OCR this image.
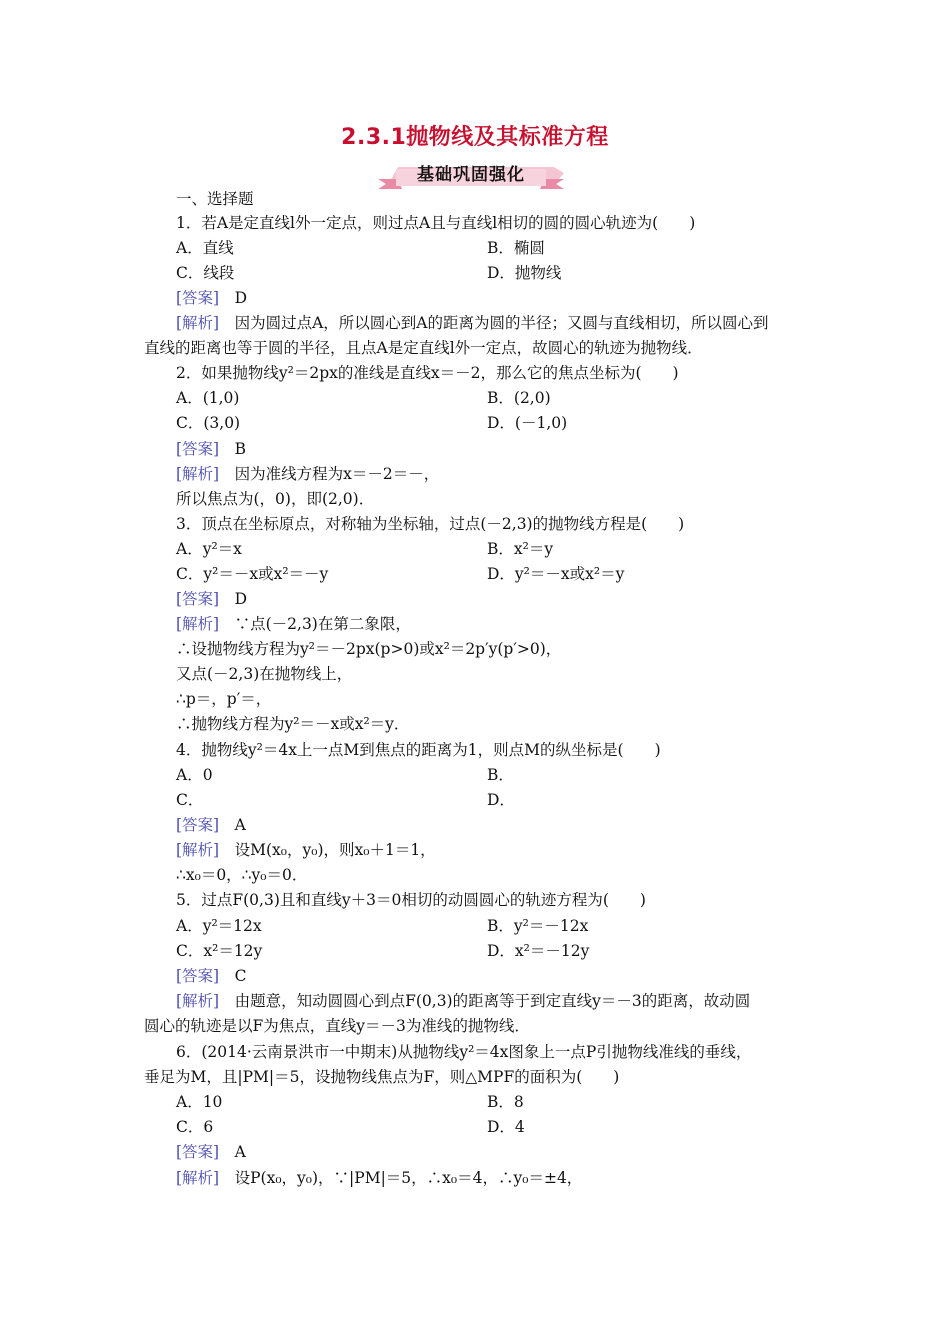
2.3.1抛物线及其标准方程
基础巩固强化
一、选择题
1．若A是定直线l外一定点，则过点A且与直线l相切的圆的圆心轨迹为(　　)
A．直线	B．椭圆
C．线段	D．抛物线
[答案]　D
[解析]　因为圆过点A，所以圆心到A的距离为圆的半径；又圆与直线相切，所以圆心到
直线的距离也等于圆的半径，且点A是定直线l外一定点，故圆心的轨迹为抛物线．
2．如果抛物线y²＝2px的准线是直线x＝－2，那么它的焦点坐标为(　　)
A．(1,0)	B．(2,0)
C．(3,0)	D．(－1,0)
[答案]　B
[解析]　因为准线方程为x＝－2＝－，
所以焦点为(，0)，即(2,0)．
3．顶点在坐标原点，对称轴为坐标轴，过点(－2,3)的抛物线方程是(　　)
A．y²＝x	B．x²＝y
C．y²＝－x或x²＝－y	D．y²＝－x或x²＝y
[答案]　D
[解析]　∵点(－2,3)在第二象限，
∴设抛物线方程为y²＝－2px(p>0)或x²＝2p′y(p′>0)，
又点(－2,3)在抛物线上，
∴p＝，p′＝，
∴抛物线方程为y²＝－x或x²＝y．
4．抛物线y²＝4x上一点M到焦点的距离为1，则点M的纵坐标是(　　)
A．0	B．
C．	D．
[答案]　A
[解析]　设M(x₀，y₀)，则x₀＋1＝1，
∴x₀＝0，∴y₀＝0．
5．过点F(0,3)且和直线y＋3＝0相切的动圆圆心的轨迹方程为(　　)
A．y²＝12x	B．y²＝－12x
C．x²＝12y	D．x²＝－12y
[答案]　C
[解析]　由题意，知动圆圆心到点F(0,3)的距离等于到定直线y＝－3的距离，故动圆
圆心的轨迹是以F为焦点，直线y＝－3为准线的抛物线．
6．(2014·云南景洪市一中期末)从抛物线y²＝4x图象上一点P引抛物线准线的垂线，
垂足为M，且|PM|＝5，设抛物线焦点为F，则△MPF的面积为(　　)
A．10	B．8
C．6	D．4
[答案]　A
[解析]　设P(x₀，y₀)，∵|PM|＝5，∴x₀＝4，∴y₀＝±4，
